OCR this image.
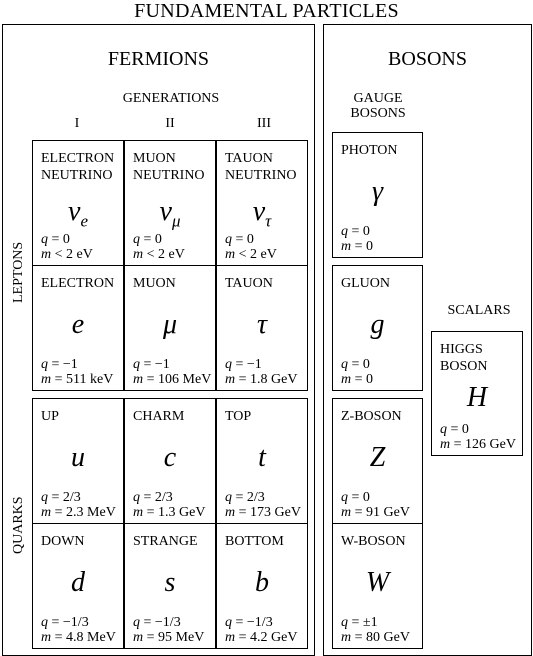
FUNDAMENTAL PARTICLES
FERMIONS
GENERATIONS
I	II	III
LEPTONS
QUARKS
ELECTRON
NEUTRINO
$\nu_e$
q = 0
m < 2 eV
MUON
NEUTRINO
$\nu_\mu$
q = 0
m < 2 eV
TAUON
NEUTRINO
$\nu_\tau$
q = 0
m < 2 eV
ELECTRON
e
q = −1
m = 511 keV
MUON
μ
q = −1
m = 106 MeV
TAUON
τ
q = −1
m = 1.8 GeV
UP
u
q = 2/3
m = 2.3 MeV
CHARM
c
q = 2/3
m = 1.3 GeV
TOP
t
q = 2/3
m = 173 GeV
DOWN
d
q = −1/3
m = 4.8 MeV
STRANGE
s
q = −1/3
m = 95 MeV
BOTTOM
b
q = −1/3
m = 4.2 GeV
BOSONS
GAUGE
BOSONS
SCALARS
PHOTON
γ
q = 0
m = 0
GLUON
g
q = 0
m = 0
Z-BOSON
Z
q = 0
m = 91 GeV
W-BOSON
W
q = ±1
m = 80 GeV
HIGGS
BOSON
H
q = 0
m = 126 GeV
